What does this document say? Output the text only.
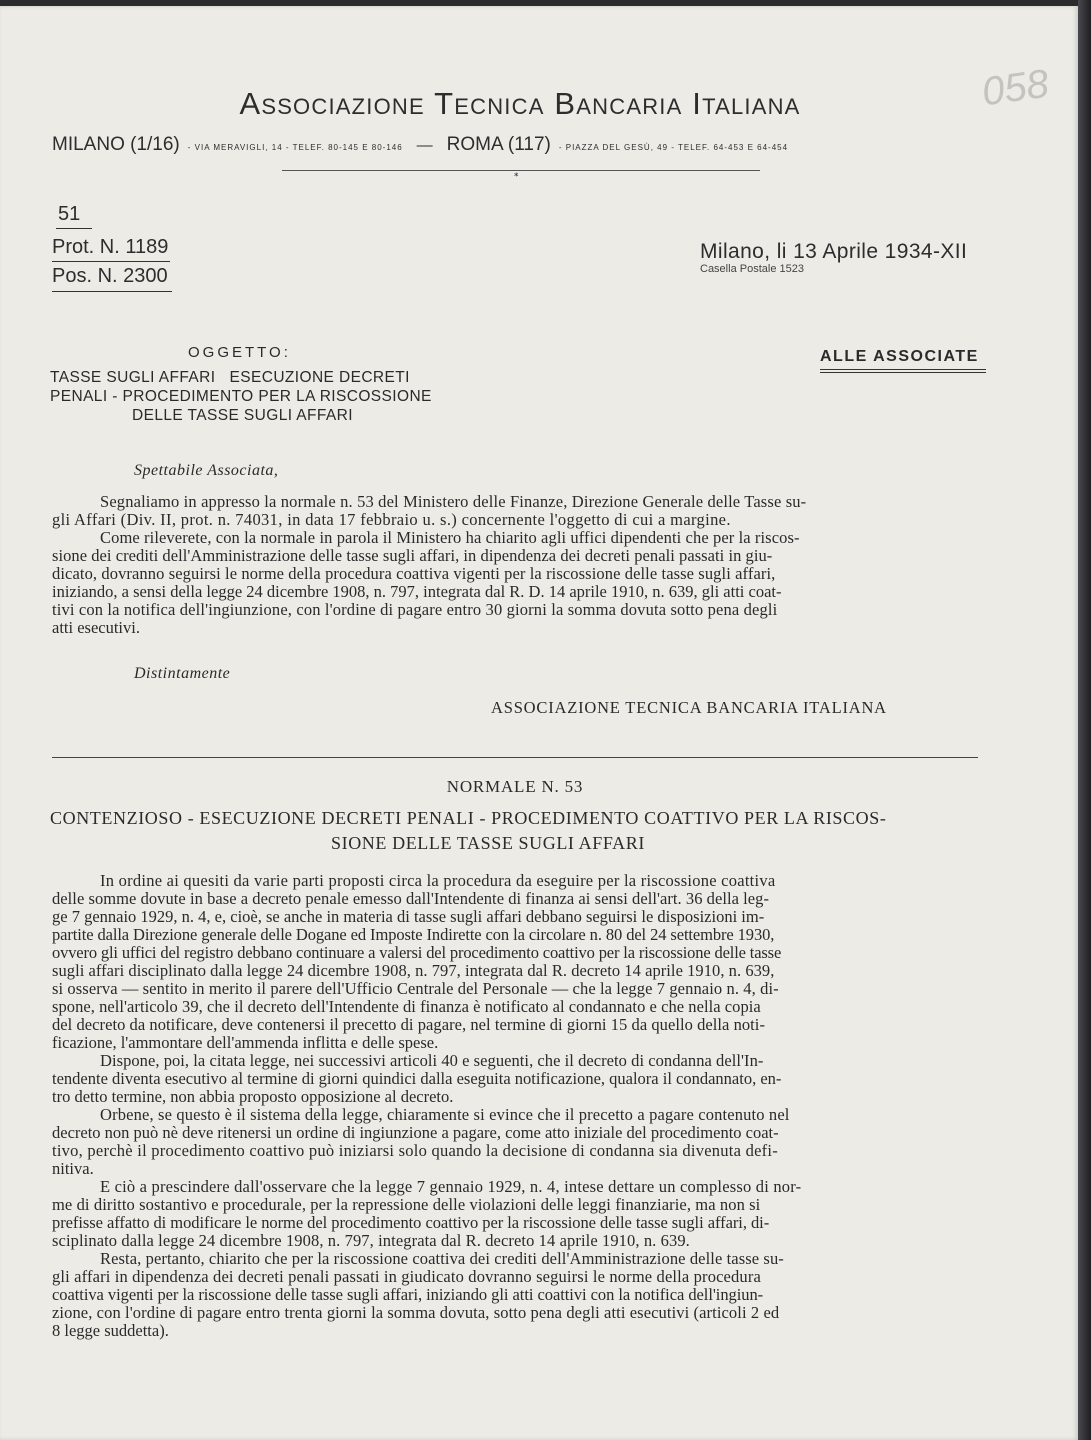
Associazione Tecnica Bancaria Italiana
MILANO (1/16) - VIA MERAVIGLI, 14 - TELEF. 80-145 E 80-146 — ROMA (117) - PIAZZA DEL GESÙ, 49 - TELEF. 64-453 E 64-454
⁎
058
51
Prot. N. 1189
Pos. N. 2300
Milano, li 13 Aprile 1934-XII
Casella Postale 1523
OGGETTO:
TASSE SUGLI AFFARI   ESECUZIONE DECRETI
PENALI - PROCEDIMENTO PER LA RISCOSSIONE
DELLE TASSE SUGLI AFFARI
ALLE ASSOCIATE
Spettabile Associata,
Segnaliamo in appresso la normale n. 53 del Ministero delle Finanze, Direzione Generale delle Tasse su-
gli Affari (Div. II, prot. n. 74031, in data 17 febbraio u. s.) concernente l'oggetto di cui a margine.
Come rileverete, con la normale in parola il Ministero ha chiarito agli uffici dipendenti che per la riscos-
sione dei crediti dell'Amministrazione delle tasse sugli affari, in dipendenza dei decreti penali passati in giu-
dicato, dovranno seguirsi le norme della procedura coattiva vigenti per la riscossione delle tasse sugli affari,
iniziando, a sensi della legge 24 dicembre 1908, n. 797, integrata dal R. D. 14 aprile 1910, n. 639, gli atti coat-
tivi con la notifica dell'ingiunzione, con l'ordine di pagare entro 30 giorni la somma dovuta sotto pena degli
atti esecutivi.
Distintamente
ASSOCIAZIONE TECNICA BANCARIA ITALIANA
NORMALE N. 53
CONTENZIOSO - ESECUZIONE DECRETI PENALI - PROCEDIMENTO COATTIVO PER LA RISCOS-
SIONE DELLE TASSE SUGLI AFFARI
In ordine ai quesiti da varie parti proposti circa la procedura da eseguire per la riscossione coattiva
delle somme dovute in base a decreto penale emesso dall'Intendente di finanza ai sensi dell'art. 36 della leg-
ge 7 gennaio 1929, n. 4, e, cioè, se anche in materia di tasse sugli affari debbano seguirsi le disposizioni im-
partite dalla Direzione generale delle Dogane ed Imposte Indirette con la circolare n. 80 del 24 settembre 1930,
ovvero gli uffici del registro debbano continuare a valersi del procedimento coattivo per la riscossione delle tasse
sugli affari disciplinato dalla legge 24 dicembre 1908, n. 797, integrata dal R. decreto 14 aprile 1910, n. 639,
si osserva — sentito in merito il parere dell'Ufficio Centrale del Personale — che la legge 7 gennaio n. 4, di-
spone, nell'articolo 39, che il decreto dell'Intendente di finanza è notificato al condannato e che nella copia
del decreto da notificare, deve contenersi il precetto di pagare, nel termine di giorni 15 da quello della noti-
ficazione, l'ammontare dell'ammenda inflitta e delle spese.
Dispone, poi, la citata legge, nei successivi articoli 40 e seguenti, che il decreto di condanna dell'In-
tendente diventa esecutivo al termine di giorni quindici dalla eseguita notificazione, qualora il condannato, en-
tro detto termine, non abbia proposto opposizione al decreto.
Orbene, se questo è il sistema della legge, chiaramente si evince che il precetto a pagare contenuto nel
decreto non può nè deve ritenersi un ordine di ingiunzione a pagare, come atto iniziale del procedimento coat-
tivo, perchè il procedimento coattivo può iniziarsi solo quando la decisione di condanna sia divenuta defi-
nitiva.
E ciò a prescindere dall'osservare che la legge 7 gennaio 1929, n. 4, intese dettare un complesso di nor-
me di diritto sostantivo e procedurale, per la repressione delle violazioni delle leggi finanziarie, ma non si
prefisse affatto di modificare le norme del procedimento coattivo per la riscossione delle tasse sugli affari, di-
sciplinato dalla legge 24 dicembre 1908, n. 797, integrata dal R. decreto 14 aprile 1910, n. 639.
Resta, pertanto, chiarito che per la riscossione coattiva dei crediti dell'Amministrazione delle tasse su-
gli affari in dipendenza dei decreti penali passati in giudicato dovranno seguirsi le norme della procedura
coattiva vigenti per la riscossione delle tasse sugli affari, iniziando gli atti coattivi con la notifica dell'ingiun-
zione, con l'ordine di pagare entro trenta giorni la somma dovuta, sotto pena degli atti esecutivi (articoli 2 ed
8 legge suddetta).
